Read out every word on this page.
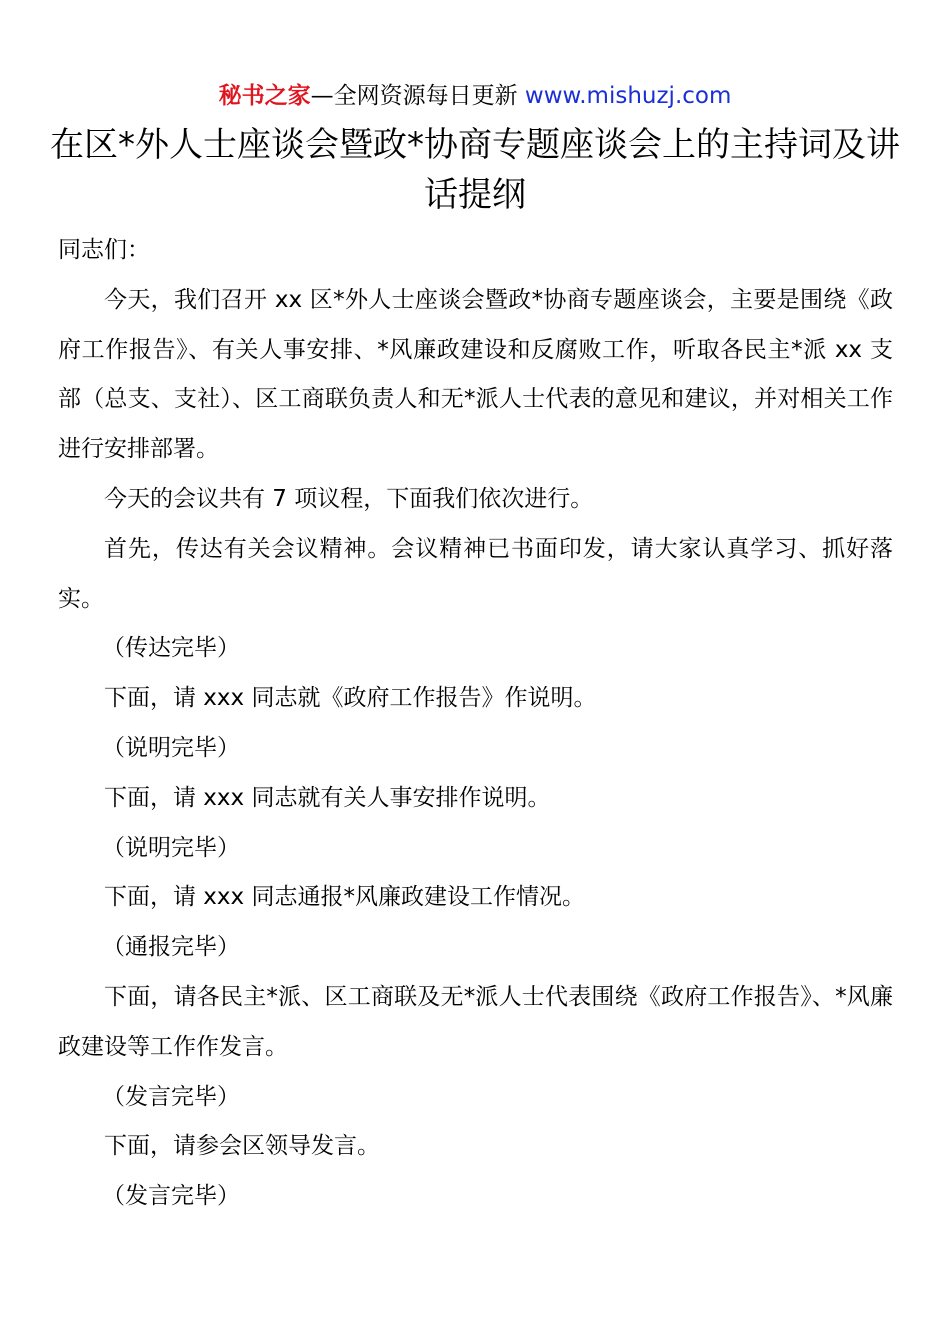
秘书之家—全网资源每日更新 www.mishuzj.com
在区*外人士座谈会暨政*协商专题座谈会上的主持词及讲话提纲

同志们：

今天，我们召开 xx 区*外人士座谈会暨政*协商专题座谈会，主要是围绕《政府工作报告》、有关人事安排、*风廉政建设和反腐败工作，听取各民主*派 xx 支部（总支、支社）、区工商联负责人和无*派人士代表的意见和建议，并对相关工作进行安排部署。

今天的会议共有 7 项议程，下面我们依次进行。

首先，传达有关会议精神。会议精神已书面印发，请大家认真学习、抓好落实。

（传达完毕）

下面，请 xxx 同志就《政府工作报告》作说明。

（说明完毕）

下面，请 xxx 同志就有关人事安排作说明。

（说明完毕）

下面，请 xxx 同志通报*风廉政建设工作情况。

（通报完毕）

下面，请各民主*派、区工商联及无*派人士代表围绕《政府工作报告》、*风廉政建设等工作作发言。

（发言完毕）

下面，请参会区领导发言。

（发言完毕）
